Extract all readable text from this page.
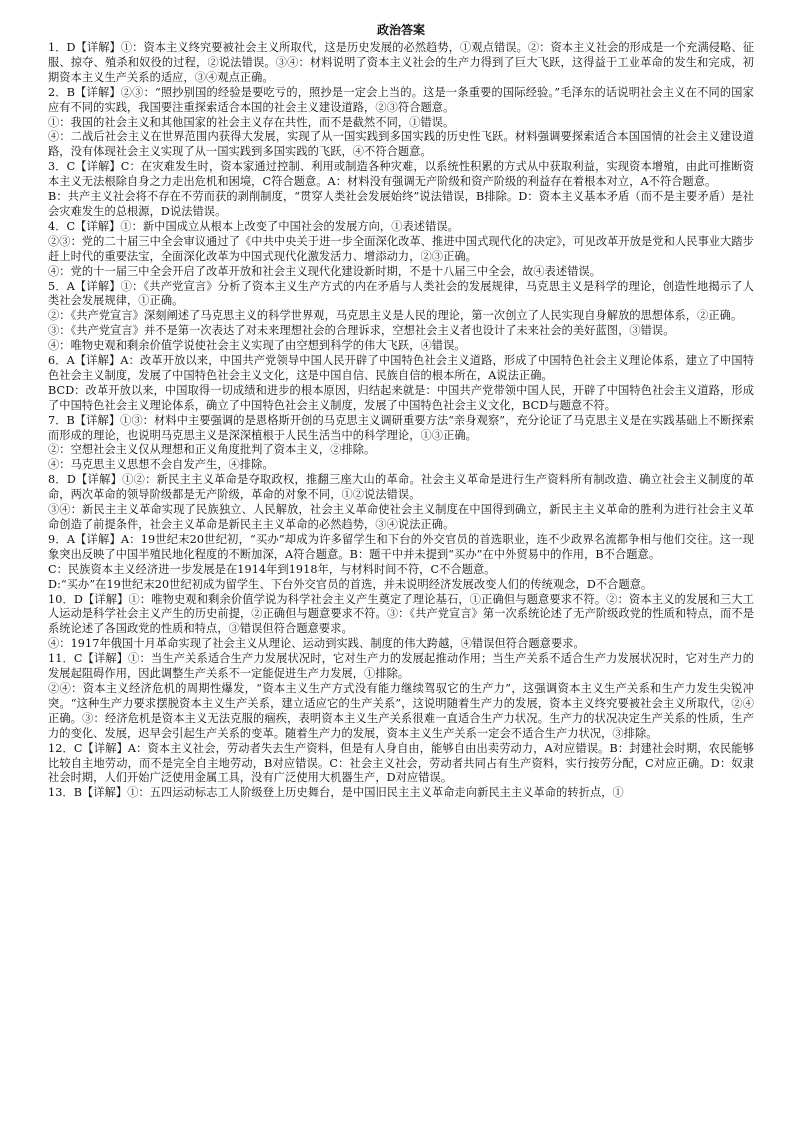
政治答案

1．D【详解】①：资本主义终究要被社会主义所取代，这是历史发展的必然趋势，①观点错误。②：资本主义社会的形成是一个充满侵略、征服、掠夺、殖杀和奴役的过程，②说法错误。③④：材料说明了资本主义社会的生产力得到了巨大飞跃，这得益于工业革命的发生和完成，初期资本主义生产关系的适应，③④观点正确。

2．B【详解】②③：“照抄别国的经验是要吃亏的，照抄是一定会上当的。这是一条重要的国际经验。”毛泽东的话说明社会主义在不同的国家应有不同的实践，我国要注重探索适合本国的社会主义建设道路，②③符合题意。

①：我国的社会主义和其他国家的社会主义存在共性，而不是截然不同，①错误。

④：二战后社会主义在世界范围内获得大发展，实现了从一国实践到多国实践的历史性飞跃。材料强调要探索适合本国国情的社会主义建设道路，没有体现社会主义实现了从一国实践到多国实践的飞跃，④不符合题意。

3．C【详解】C：在灾难发生时，资本家通过控制、利用或制造各种灾难，以系统性积累的方式从中获取利益，实现资本增殖，由此可推断资本主义无法根除自身之力走出危机和困境，C符合题意。A：材料没有强调无产阶级和资产阶级的利益存在着根本对立，A不符合题意。

B：共产主义社会将不存在不劳而获的剥削制度，“贯穿人类社会发展始终”说法错误，B排除。D：资本主义基本矛盾（而不是主要矛盾）是社会灾难发生的总根源，D说法错误。

4．C【详解】①：新中国成立从根本上改变了中国社会的发展方向，①表述错误。

②③：党的二十届三中全会审议通过了《中共中央关于进一步全面深化改革、推进中国式现代化的决定》，可见改革开放是党和人民事业大踏步赶上时代的重要法宝，全面深化改革为中国式现代化激发活力、增添动力，②③正确。

④：党的十一届三中全会开启了改革开放和社会主义现代化建设新时期，不是十八届三中全会，故④表述错误。

5．A【详解】①：《共产党宣言》分析了资本主义生产方式的内在矛盾与人类社会的发展规律，马克思主义是科学的理论，创造性地揭示了人类社会发展规律，①正确。

②：《共产党宣言》深刻阐述了马克思主义的科学世界观，马克思主义是人民的理论，第一次创立了人民实现自身解放的思想体系，②正确。

③：《共产党宣言》并不是第一次表达了对未来理想社会的合理诉求，空想社会主义者也设计了未来社会的美好蓝图，③错误。

④：唯物史观和剩余价值学说使社会主义实现了由空想到科学的伟大飞跃，④错误。

6．A【详解】A：改革开放以来，中国共产党领导中国人民开辟了中国特色社会主义道路，形成了中国特色社会主义理论体系，建立了中国特色社会主义制度，发展了中国特色社会主义文化，这是中国自信、民族自信的根本所在，A说法正确。

BCD：改革开放以来，中国取得一切成绩和进步的根本原因，归结起来就是：中国共产党带领中国人民，开辟了中国特色社会主义道路，形成了中国特色社会主义理论体系，确立了中国特色社会主义制度，发展了中国特色社会主义文化，BCD与题意不符。

7．B【详解】①③：材料中主要强调的是恩格斯开创的马克思主义调研重要方法“亲身观察”，充分论证了马克思主义是在实践基础上不断探索而形成的理论，也说明马克思主义是深深植根于人民生活当中的科学理论，①③正确。

②：空想社会主义仅从理想和正义角度批判了资本主义，②排除。

④：马克思主义思想不会自发产生，④排除。

8．D【详解】①②：新民主主义革命是夺取政权，推翻三座大山的革命。社会主义革命是进行生产资料所有制改造、确立社会主义制度的革命，两次革命的领导阶级都是无产阶级，革命的对象不同，①②说法错误。

③④：新民主主义革命实现了民族独立、人民解放，社会主义革命使社会主义制度在中国得到确立，新民主主义革命的胜利为进行社会主义革命创造了前提条件，社会主义革命是新民主主义革命的必然趋势，③④说法正确。

9．A【详解】A：19世纪末20世纪初，“买办”却成为许多留学生和下台的外交官员的首选职业，连不少政界名流都争相与他们交往。这一现象突出反映了中国半殖民地化程度的不断加深，A符合题意。B：题干中并未提到“买办”在中外贸易中的作用，B不合题意。

C：民族资本主义经济进一步发展是在1914年到1918年，与材料时间不符，C不合题意。

D:“买办”在19世纪末20世纪初成为留学生、下台外交官员的首选，并未说明经济发展改变人们的传统观念，D不合题意。

10．D【详解】①：唯物史观和剩余价值学说为科学社会主义产生奠定了理论基石，①正确但与题意要求不符。②：资本主义的发展和三大工人运动是科学社会主义产生的历史前提，②正确但与题意要求不符。③：《共产党宣言》第一次系统论述了无产阶级政党的性质和特点，而不是系统论述了各国政党的性质和特点，③错误但符合题意要求。

④：1917年俄国十月革命实现了社会主义从理论、运动到实践、制度的伟大跨越，④错误但符合题意要求。

11．C【详解】①：当生产关系适合生产力发展状况时，它对生产力的发展起推动作用；当生产关系不适合生产力发展状况时，它对生产力的发展起阻碍作用，因此调整生产关系不一定能促进生产力发展，①排除。

②④：资本主义经济危机的周期性爆发，“资本主义生产方式没有能力继续驾驭它的生产力”，这强调资本主义生产关系和生产力发生尖锐冲突。“这种生产力要求摆脱资本主义生产关系，建立适应它的生产关系”，这说明随着生产力的发展，资本主义终究要被社会主义所取代，②④正确。③：经济危机是资本主义无法克服的痼疾，表明资本主义生产关系很难一直适合生产力状况。生产力的状况决定生产关系的性质，生产力的变化、发展，迟早会引起生产关系的变革。随着生产力的发展，资本主义生产关系一定会不适合生产力状况，③排除。

12．C【详解】A：资本主义社会，劳动者失去生产资料，但是有人身自由，能够自由出卖劳动力，A对应错误。B：封建社会时期，农民能够比较自主地劳动，而不是完全自主地劳动，B对应错误。C：社会主义社会，劳动者共同占有生产资料，实行按劳分配，C对应正确。D：奴隶社会时期，人们开始广泛使用金属工具，没有广泛使用大机器生产，D对应错误。

13．B【详解】①：五四运动标志工人阶级登上历史舞台，是中国旧民主主义革命走向新民主主义革命的转折点，①
